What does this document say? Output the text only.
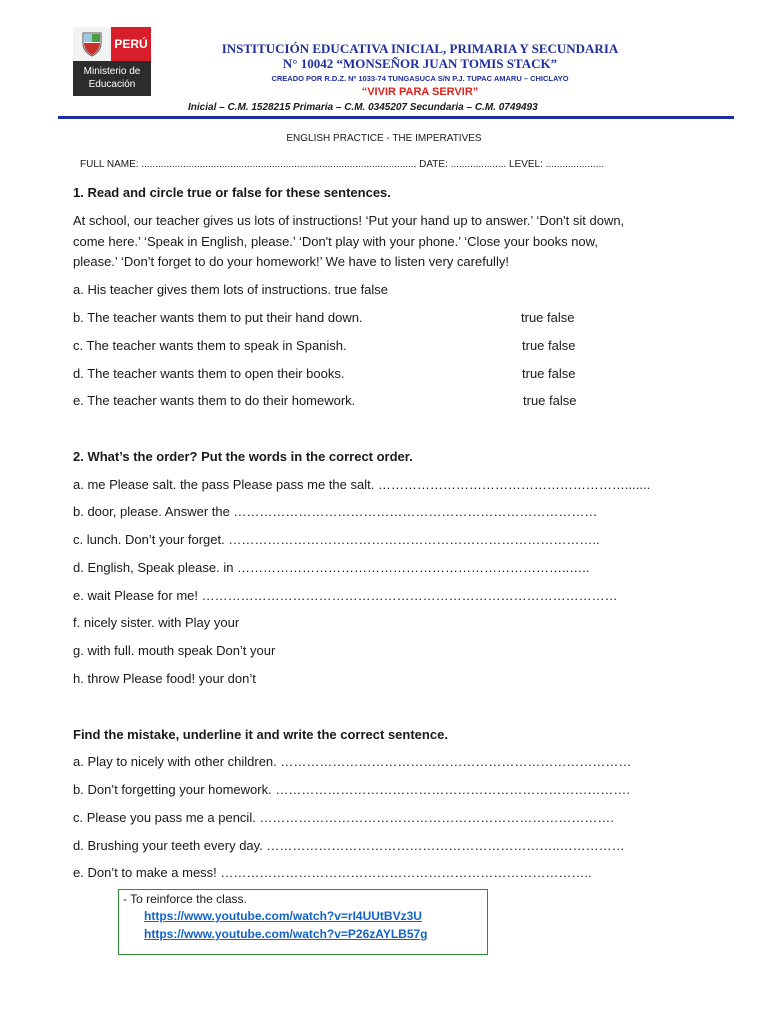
PERÚ
Ministerio de
Educación
INSTITUCIÓN EDUCATIVA INICIAL, PRIMARIA Y SECUNDARIA
N° 10042 “MONSEÑOR JUAN TOMIS STACK”
CREADO POR R.D.Z. Nº 1033-74 TUNGASUCA S/N P.J. TUPAC AMARU – CHICLAYO
“VIVIR PARA SERVIR”
Inicial – C.M. 1528215 Primaria – C.M. 0345207 Secundaria – C.M. 0749493
ENGLISH PRACTICE - THE IMPERATIVES
FULL NAME: ................................................................................................... DATE: .................... LEVEL: .....................
1. Read and circle true or false for these sentences.
At school, our teacher gives us lots of instructions! ‘Put your hand up to answer.’ ‘Don't sit down,
come here.’ ‘Speak in English, please.’ ‘Don't play with your phone.’ ‘Close your books now,
please.’ ‘Don’t forget to do your homework!’ We have to listen very carefully!
a. His teacher gives them lots of instructions. true false
b. The teacher wants them to put their hand down.	true false
c. The teacher wants them to speak in Spanish.	true false
d. The teacher wants them to open their books.	true false
e. The teacher wants them to do their homework.	true false
2. What’s the order? Put the words in the correct order.
a. me Please salt. the pass Please pass me the salt. ………………………………………………….......
b. door, please. Answer the …………………………………………………………………………
c. lunch. Don’t your forget. …………………………………………………………………………..
d. English, Speak please. in …………………………………………………………………..…..
e. wait Please for me! ……………………………………………………………………………………
f. nicely sister. with Play your
g. with full. mouth speak Don’t your
h. throw Please food! your don’t
Find the mistake, underline it and write the correct sentence.
a. Play to nicely with other children. ………………………………………………………………………
b. Don’t forgetting your homework. ……………………………………………………………………….
c. Please you pass me a pencil. ……………………………………………………………………….
d. Brushing your teeth every day. …………………………………………………………..……………
e. Don’t to make a mess! …………………………………………………………………………..
- To reinforce the class.
https://www.youtube.com/watch?v=rI4UUtBVz3U
https://www.youtube.com/watch?v=P26zAYLB57g
